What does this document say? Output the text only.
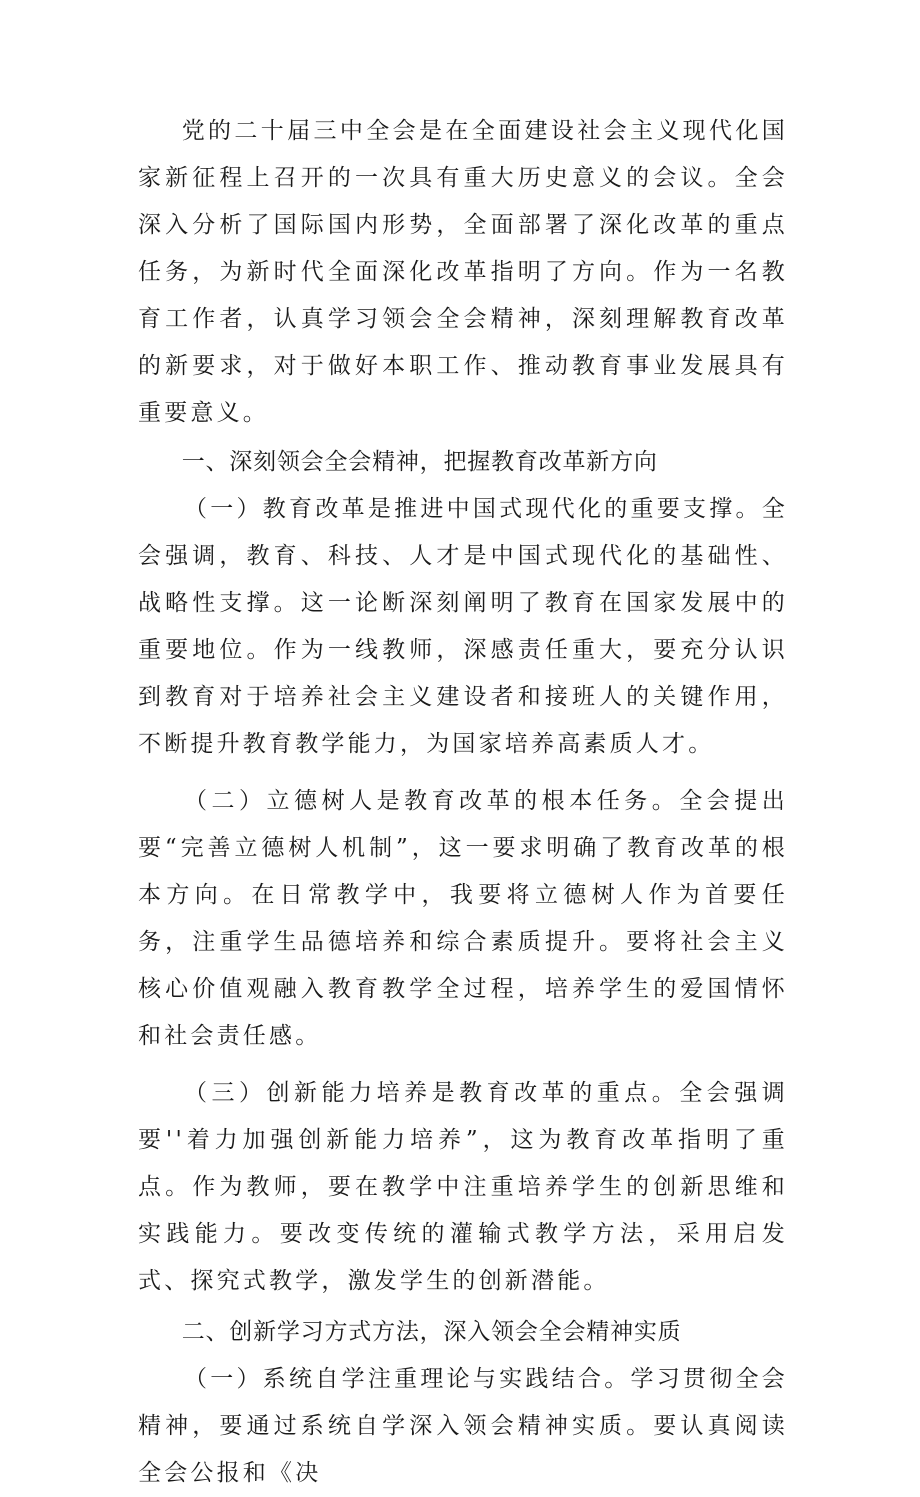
党的二十届三中全会是在全面建设社会主义现代化国家新征程上召开的一次具有重大历史意义的会议。全会深入分析了国际国内形势，全面部署了深化改革的重点任务，为新时代全面深化改革指明了方向。作为一名教育工作者，认真学习领会全会精神，深刻理解教育改革的新要求，对于做好本职工作、推动教育事业发展具有重要意义。

一、深刻领会全会精神，把握教育改革新方向

（一）教育改革是推进中国式现代化的重要支撑。全会强调，教育、科技、人才是中国式现代化的基础性、战略性支撑。这一论断深刻阐明了教育在国家发展中的重要地位。作为一线教师，深感责任重大，要充分认识到教育对于培养社会主义建设者和接班人的关键作用，不断提升教育教学能力，为国家培养高素质人才。

（二）立德树人是教育改革的根本任务。全会提出要“完善立德树人机制”，这一要求明确了教育改革的根本方向。在日常教学中，我要将立德树人作为首要任务，注重学生品德培养和综合素质提升。要将社会主义核心价值观融入教育教学全过程，培养学生的爱国情怀和社会责任感。

（三）创新能力培养是教育改革的重点。全会强调要''着力加强创新能力培养”，这为教育改革指明了重点。作为教师，要在教学中注重培养学生的创新思维和实践能力。要改变传统的灌输式教学方法，采用启发式、探究式教学，激发学生的创新潜能。

二、创新学习方式方法，深入领会全会精神实质

（一）系统自学注重理论与实践结合。学习贯彻全会精神，要通过系统自学深入领会精神实质。要认真阅读全会公报和《决
